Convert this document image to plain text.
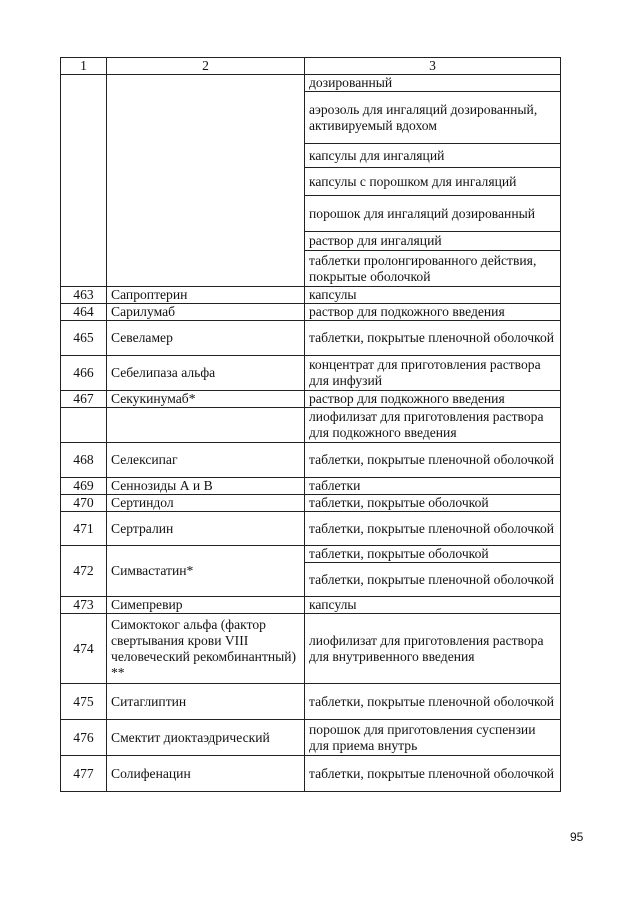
1	2	3
		дозированный
		аэрозоль для ингаляций дозированный, активируемый вдохом
		капсулы для ингаляций
		капсулы с порошком для ингаляций
		порошок для ингаляций дозированный
		раствор для ингаляций
		таблетки пролонгированного действия, покрытые оболочкой
463	Сапроптерин	капсулы
464	Сарилумаб	раствор для подкожного введения
465	Севеламер	таблетки, покрытые пленочной оболочкой
466	Себелипаза альфа	концентрат для приготовления раствора для инфузий
467	Секукинумаб*	раствор для подкожного введения
		лиофилизат для приготовления раствора для подкожного введения
468	Селексипаг	таблетки, покрытые пленочной оболочкой
469	Сеннозиды А и В	таблетки
470	Сертиндол	таблетки, покрытые оболочкой
471	Сертралин	таблетки, покрытые пленочной оболочкой
472	Симвастатин*	таблетки, покрытые оболочкой
		таблетки, покрытые пленочной оболочкой
473	Симепревир	капсулы
474	Симоктоког альфа (фактор свертывания крови VIII человеческий рекомбинантный) **	лиофилизат для приготовления раствора для внутривенного введения
475	Ситаглиптин	таблетки, покрытые пленочной оболочкой
476	Смектит диоктаэдрический	порошок для приготовления суспензии для приема внутрь
477	Солифенацин	таблетки, покрытые пленочной оболочкой
95
